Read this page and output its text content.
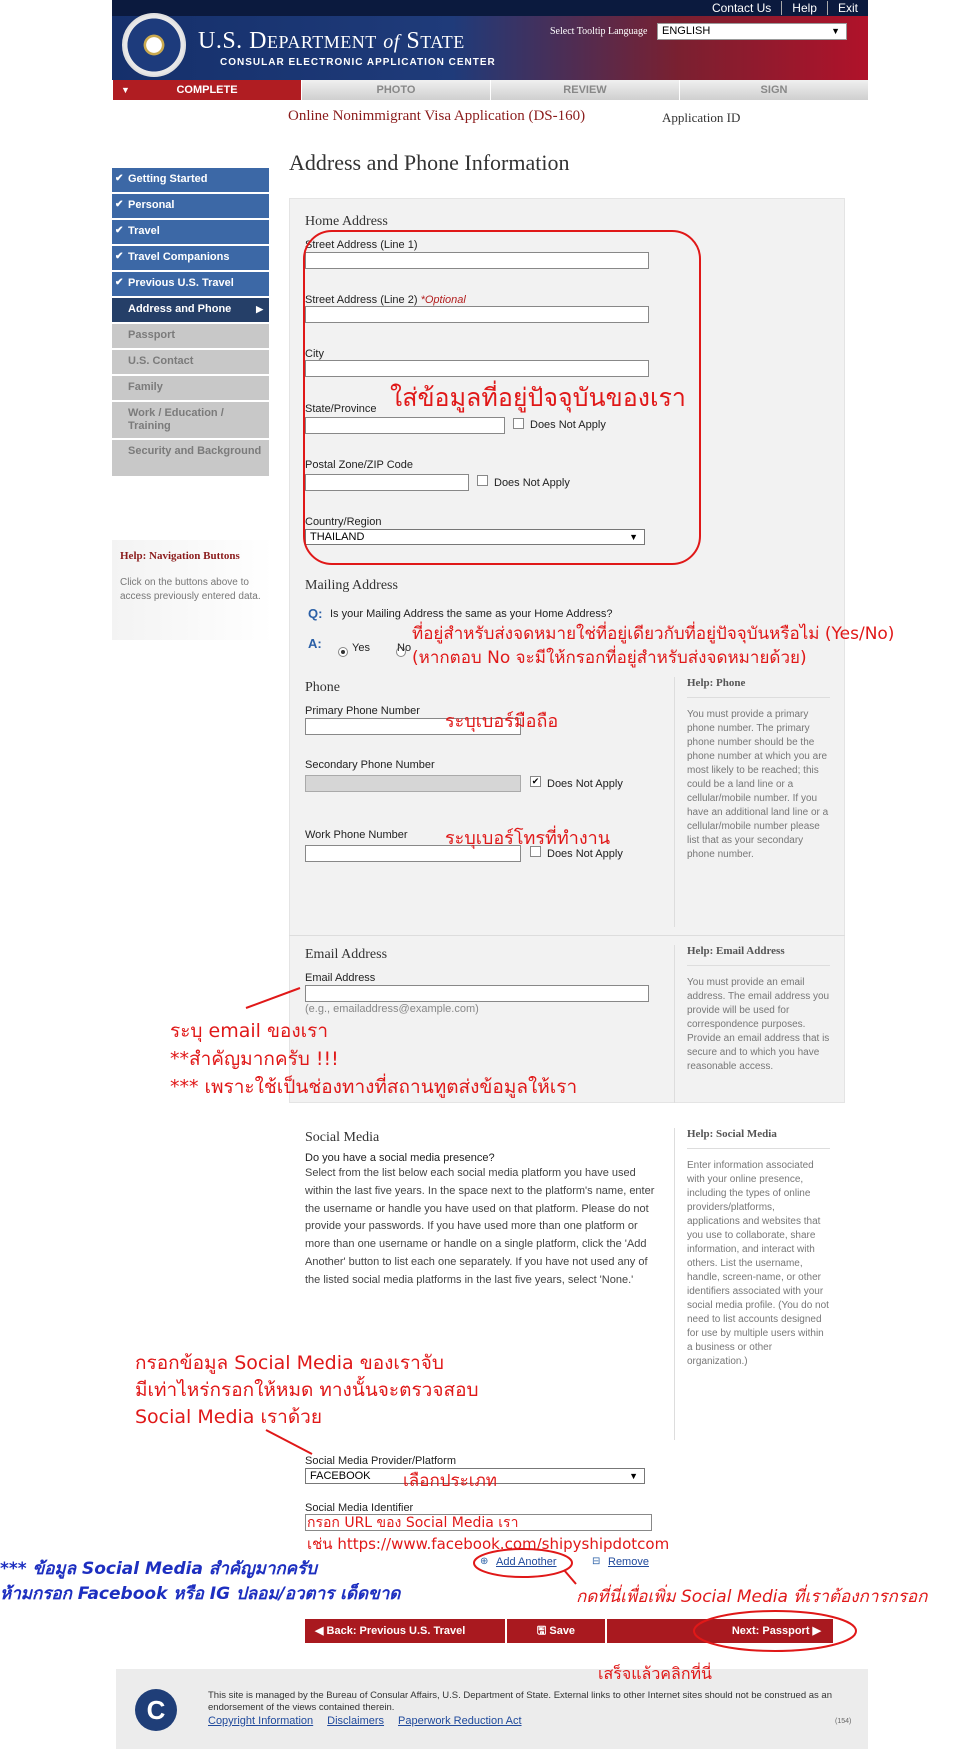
Contact Us	Help	Exit
U.S. DEPARTMENT of STATE
CONSULAR ELECTRONIC APPLICATION CENTER
Select Tooltip Language	ENGLISH	▼
▼ COMPLETE	PHOTO	REVIEW	SIGN
Online Nonimmigrant Visa Application (DS-160)	Application ID
✔ Getting Started
✔ Personal
✔ Travel
✔ Travel Companions
✔ Previous U.S. Travel
Address and Phone ▶
Passport
U.S. Contact
Family
Work / Education / Training
Security and Background
Help: Navigation Buttons
Click on the buttons above to access previously entered data.
Address and Phone Information
Home Address
Street Address (Line 1)
Street Address (Line 2) *Optional
City
State/Province
Does Not Apply
Postal Zone/ZIP Code
Does Not Apply
Country/Region
THAILAND	▼
Mailing Address
Q: Is your Mailing Address the same as your Home Address?
A:
	Yes No
Phone
Primary Phone Number
Secondary Phone Number
✔
Does Not Apply
Work Phone Number
Does Not Apply
Help: Phone
You must provide a primary phone number. The primary phone number should be the phone number at which you are most likely to be reached; this could be a land line or a cellular/mobile number. If you have an additional land line or a cellular/mobile number please list that as your secondary phone number.
Email Address
Email Address
(e.g., emailaddress@example.com)
Help: Email Address
You must provide an email address. The email address you provide will be used for correspondence purposes. Provide an email address that is secure and to which you have reasonable access.
Social Media
Do you have a social media presence?
Select from the list below each social media platform you have used within the last five years. In the space next to the platform's name, enter the username or handle you have used on that platform. Please do not provide your passwords. If you have used more than one platform or more than one username or handle on a single platform, click the 'Add Another' button to list each one separately. If you have not used any of the listed social media platforms in the last five years, select 'None.'
Help: Social Media
Enter information associated with your online presence, including the types of online providers/platforms, applications and websites that you use to collaborate, share information, and interact with others. List the username, handle, screen-name, or other identifiers associated with your social media profile. (You do not need to list accounts designed for use by multiple users within a business or other organization.)
Social Media Provider/Platform
FACEBOOK	▼
Social Media Identifier
⊕ Add Another	⊟ Remove
◀ Back: Previous U.S. Travel	🖫 Save	Next: Passport ▶
C	This site is managed by the Bureau of Consular Affairs, U.S. Department of State. External links to other Internet sites should not be construed as an endorsement of the views contained therein.
Copyright Information Disclaimers Paperwork Reduction Act	(154)
ใส่ข้อมูลที่อยู่ปัจจุบันของเรา
ที่อยู่สำหรับส่งจดหมายใช่ที่อยู่เดียวกับที่อยู่ปัจจุบันหรือไม่ (Yes/No)
(หากตอบ No จะมีให้กรอกที่อยู่สำหรับส่งจดหมายด้วย)
ระบุเบอร์มือถือ
ระบุเบอร์โทรที่ทำงาน
ระบุ email ของเรา
**สำคัญมากครับ !!!
*** เพราะใช้เป็นช่องทางที่สถานทูตส่งข้อมูลให้เรา
กรอกข้อมูล Social Media ของเราจับ
มีเท่าไหร่กรอกให้หมด ทางนั้นจะตรวจสอบ
Social Media เราด้วย
เลือกประเภท
กรอก URL ของ Social Media เรา
เช่น https://www.facebook.com/shipyshipdotcom
*** ข้อมูล Social Media สำคัญมากครับ
ห้ามกรอก Facebook หรือ IG ปลอม/อวตาร เด็ดขาด	กดที่นี่เพื่อเพิ่ม Social Media ที่เราต้องการกรอก
เสร็จแล้วคลิกที่นี่
